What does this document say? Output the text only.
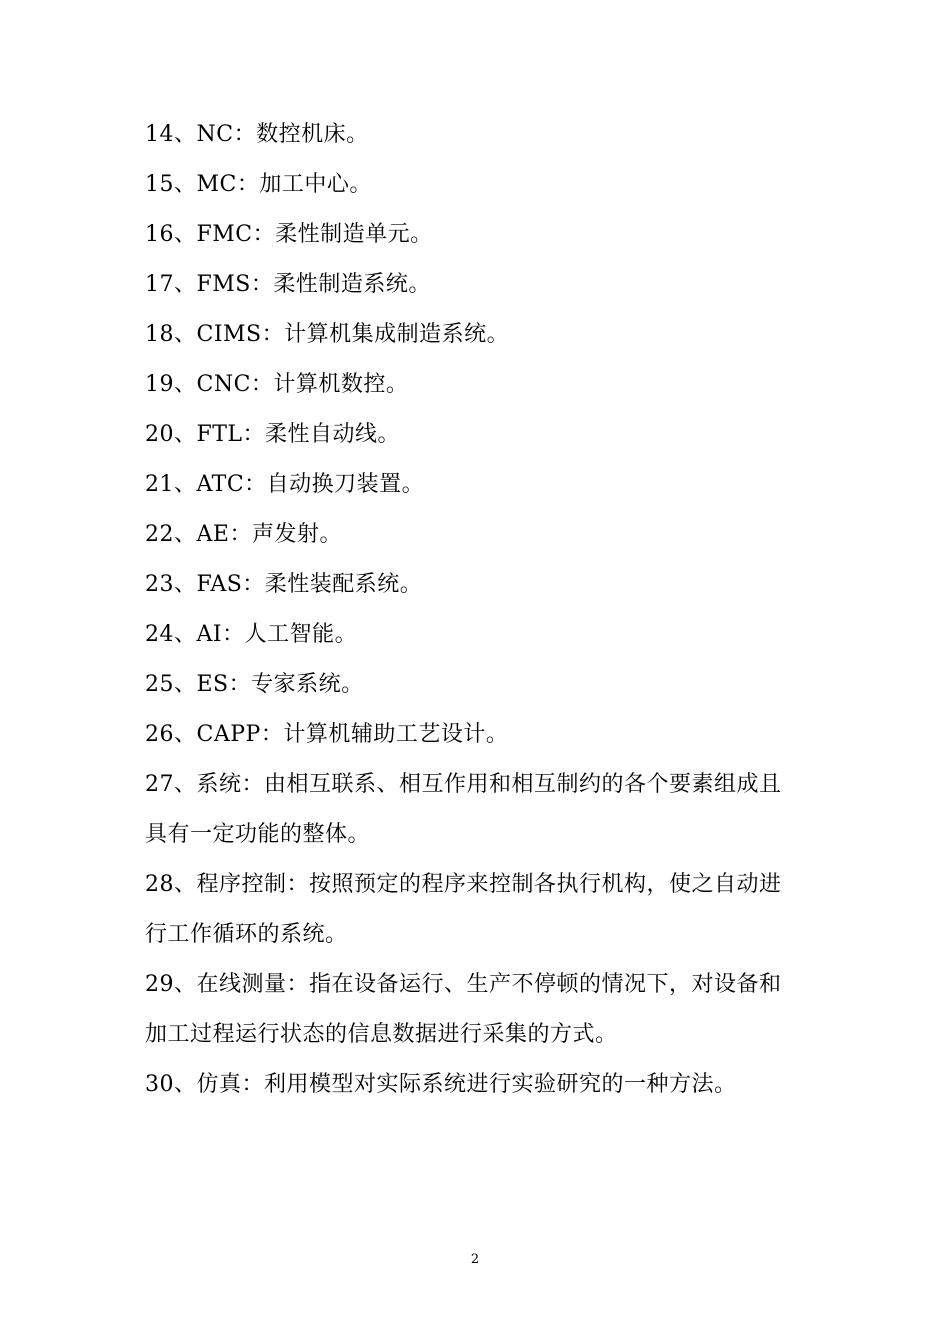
14、NC：数控机床。
15、MC：加工中心。
16、FMC：柔性制造单元。
17、FMS：柔性制造系统。
18、CIMS：计算机集成制造系统。
19、CNC：计算机数控。
20、FTL：柔性自动线。
21、ATC：自动换刀装置。
22、AE：声发射。
23、FAS：柔性装配系统。
24、AI：人工智能。
25、ES：专家系统。
26、CAPP：计算机辅助工艺设计。
27、系统：由相互联系、相互作用和相互制约的各个要素组成且
具有一定功能的整体。
28、程序控制：按照预定的程序来控制各执行机构，使之自动进
行工作循环的系统。
29、在线测量：指在设备运行、生产不停顿的情况下，对设备和
加工过程运行状态的信息数据进行采集的方式。
30、仿真：利用模型对实际系统进行实验研究的一种方法。
2
